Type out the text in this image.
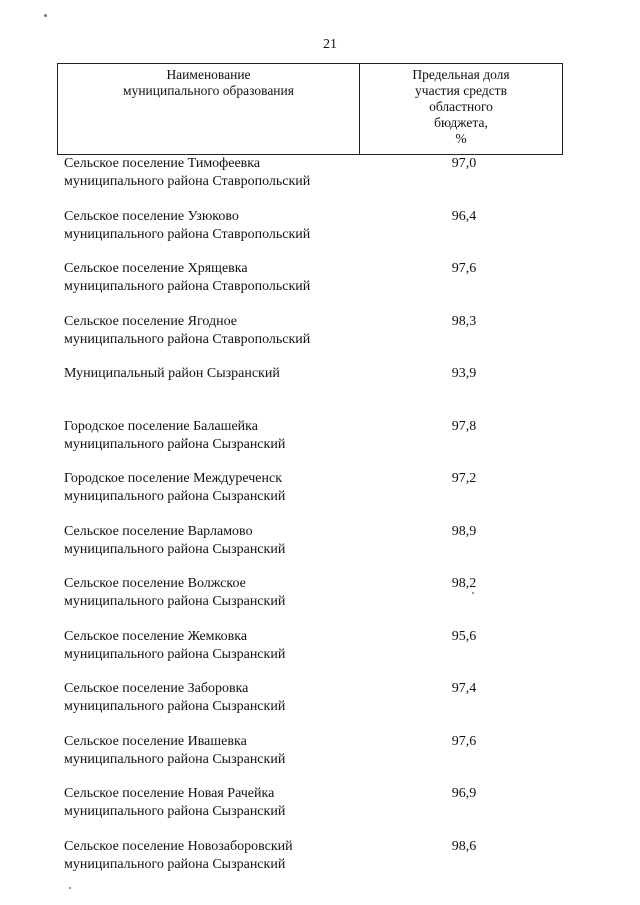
21
Наименование
муниципального образования
Предельная доля
участия средств
областного
бюджета,
%
Сельское поселение Тимофеевка
муниципального района Ставропольский
97,0
Сельское поселение Узюково
муниципального района Ставропольский
96,4
Сельское поселение Хрящевка
муниципального района Ставропольский
97,6
Сельское поселение Ягодное
муниципального района Ставропольский
98,3
Муниципальный район Сызранский	93,9
Городское поселение Балашейка
муниципального района Сызранский
97,8
Городское поселение Междуреченск
муниципального района Сызранский
97,2
Сельское поселение Варламово
муниципального района Сызранский
98,9
Сельское поселение Волжское
муниципального района Сызранский
98,2
Сельское поселение Жемковка
муниципального района Сызранский
95,6
Сельское поселение Заборовка
муниципального района Сызранский
97,4
Сельское поселение Ивашевка
муниципального района Сызранский
97,6
Сельское поселение Новая Рачейка
муниципального района Сызранский
96,9
Сельское поселение Новозаборовский
муниципального района Сызранский
98,6
